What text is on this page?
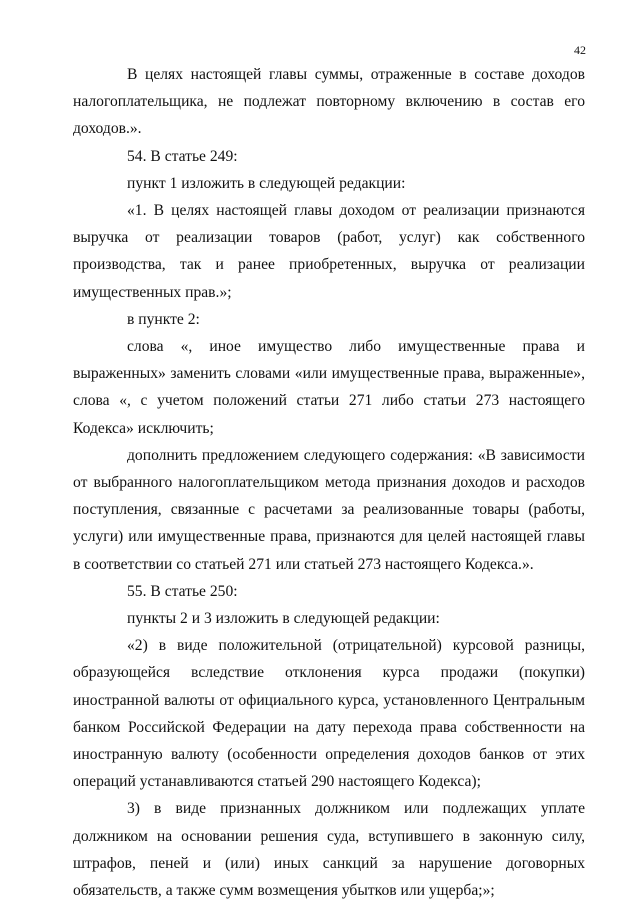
42

В целях настоящей главы суммы, отраженные в составе доходов налогоплательщика, не подлежат повторному включению в состав его доходов.».

54. В статье 249:

пункт 1 изложить в следующей редакции:

«1. В целях настоящей главы доходом от реализации признаются выручка от реализации товаров (работ, услуг) как собственного производства, так и ранее приобретенных, выручка от реализации имущественных прав.»;

в пункте 2:

слова «, иное имущество либо имущественные права и выраженных» заменить словами «или имущественные права, выраженные», слова «, с учетом положений статьи 271 либо статьи 273 настоящего Кодекса» исключить;

дополнить предложением следующего содержания: «В зависимости от выбранного налогоплательщиком метода признания доходов и расходов поступления, связанные с расчетами за реализованные товары (работы, услуги) или имущественные права, признаются для целей настоящей главы в соответствии со статьей 271 или статьей 273 настоящего Кодекса.».

55. В статье 250:

пункты 2 и 3 изложить в следующей редакции:

«2) в виде положительной (отрицательной) курсовой разницы, образующейся вследствие отклонения курса продажи (покупки) иностранной валюты от официального курса, установленного Центральным банком Российской Федерации на дату перехода права собственности на иностранную валюту (особенности определения доходов банков от этих операций устанавливаются статьей 290 настоящего Кодекса);

3) в виде признанных должником или подлежащих уплате должником на основании решения суда, вступившего в законную силу, штрафов, пеней и (или) иных санкций за нарушение договорных обязательств, а также сумм возмещения убытков или ущерба;»;
